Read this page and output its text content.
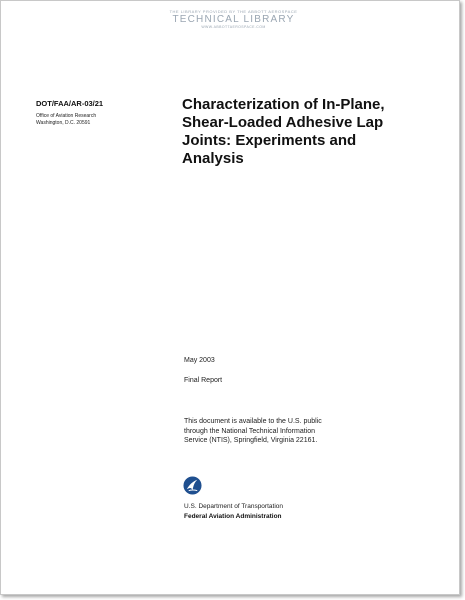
THE LIBRARY PROVIDED BY THE ABBOTT AEROSPACE
TECHNICAL LIBRARY
WWW.ABBOTTAEROSPACE.COM
DOT/FAA/AR-03/21
Office of Aviation Research
Washington, D.C. 20591
Characterization of In-Plane,
Shear-Loaded Adhesive Lap
Joints: Experiments and
Analysis
May 2003
Final Report
This document is available to the U.S. public
through the National Technical Information
Service (NTIS), Springfield, Virginia 22161.
U.S. Department of Transportation
Federal Aviation Administration
